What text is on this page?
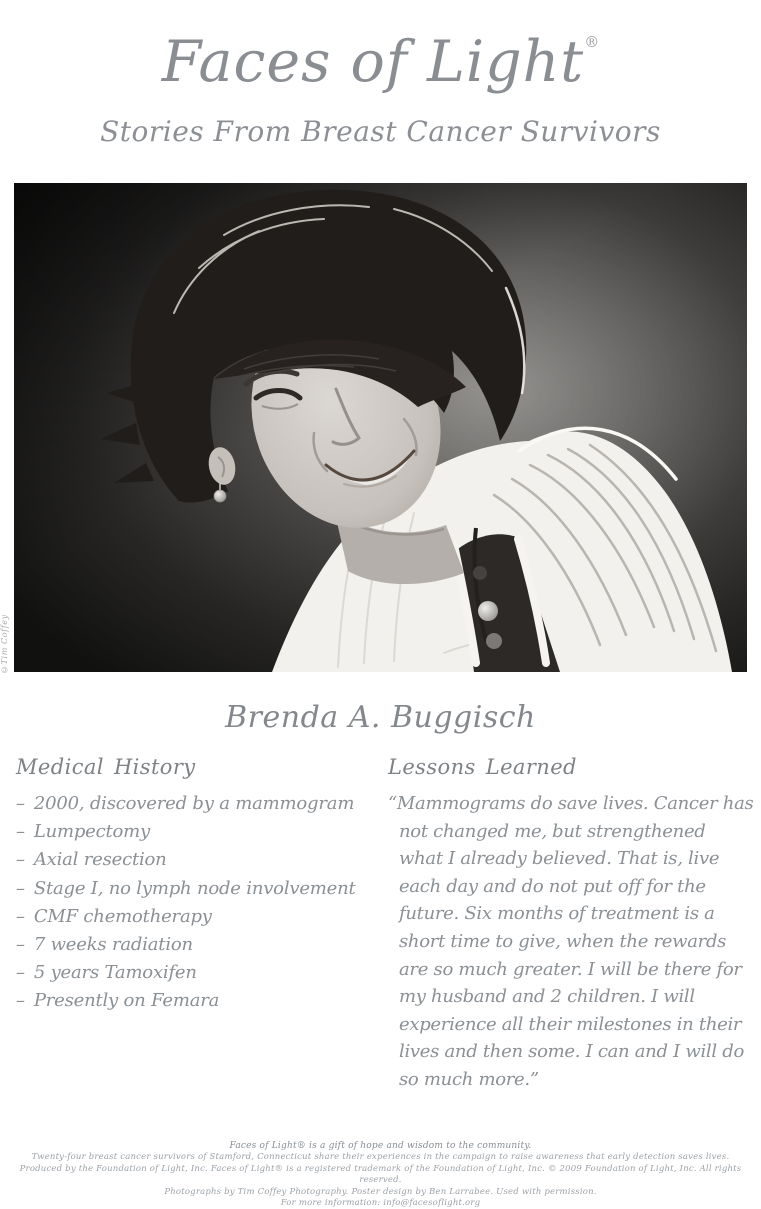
Faces of Light®
Stories From Breast Cancer Survivors
©Tim Coffey
Brenda A. Buggisch
Medical History
– 2000, discovered by a mammogram
– Lumpectomy
– Axial resection
– Stage I, no lymph node involvement
– CMF chemotherapy
– 7 weeks radiation
– 5 years Tamoxifen
– Presently on Femara
Lessons Learned

“Mammograms do save lives. Cancer has not changed me, but strengthened what I already believed. That is, live each day and do not put off for the future. Six months of treatment is a short time to give, when the rewards are so much greater. I will be there for my husband and 2 children. I will experience all their milestones in their lives and then some. I can and I will do so much more.”

Faces of Light® is a gift of hope and wisdom to the community.

Twenty-four breast cancer survivors of Stamford, Connecticut share their experiences in the campaign to raise awareness that early detection saves lives.

Produced by the Foundation of Light, Inc. Faces of Light® is a registered trademark of the Foundation of Light, Inc. © 2009 Foundation of Light, Inc. All rights reserved.

Photographs by Tim Coffey Photography. Poster design by Ben Larrabee. Used with permission.

For more information: info@facesoflight.org
